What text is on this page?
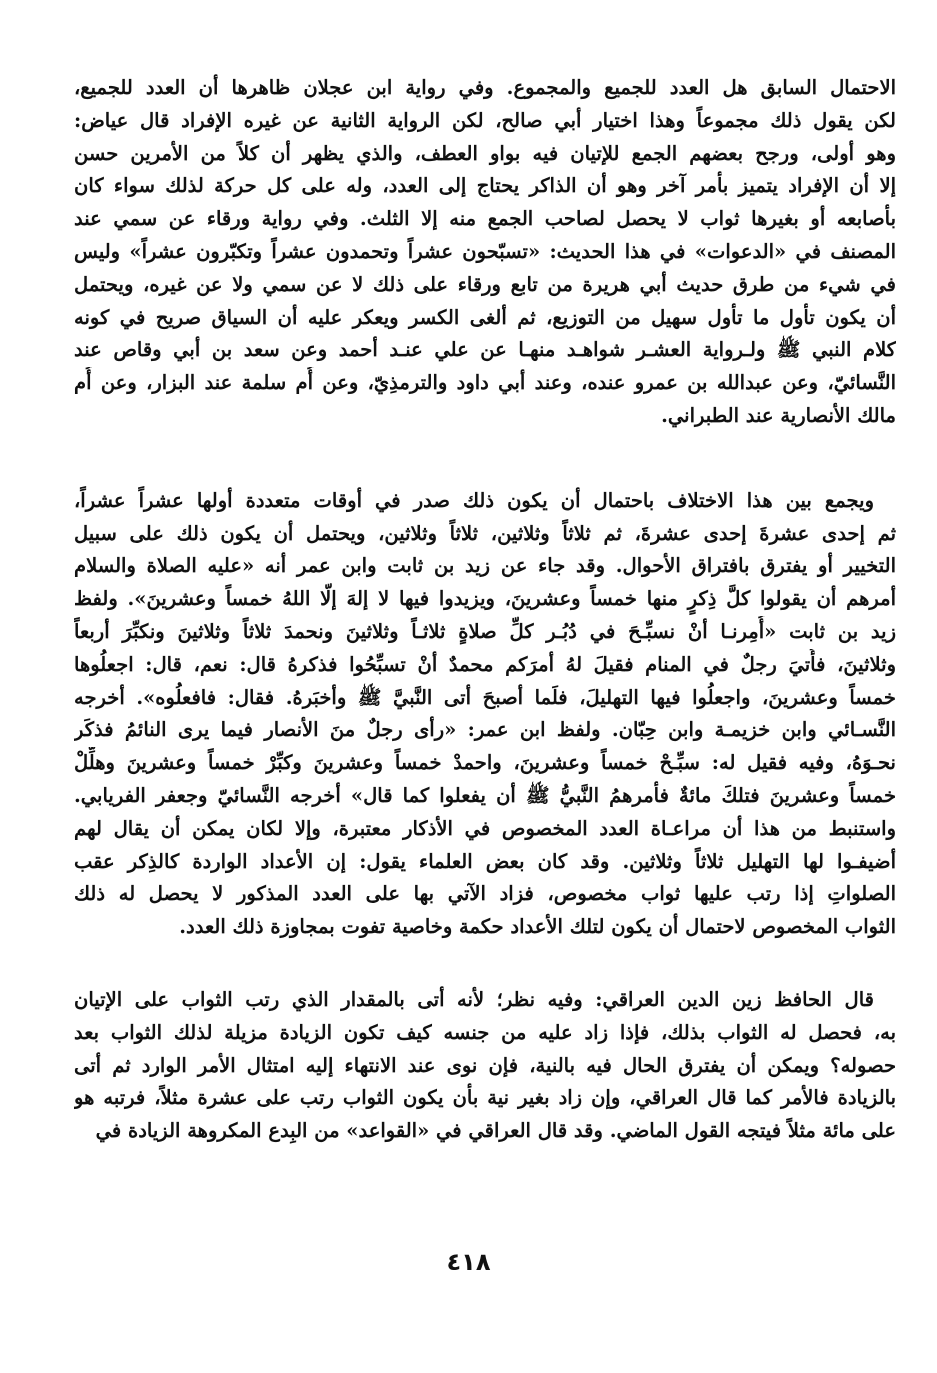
الاحتمال السابق هل العدد للجميع والمجموع. وفي رواية ابن عجلان ظاهرها أن العدد للجميع،
لكن يقول ذلك مجموعاً وهذا اختيار أبي صالح، لكن الرواية الثانية عن غيره الإفراد قال عياض:
وهو أولى، ورجح بعضهم الجمع للإتيان فيه بواو العطف، والذي يظهر أن كلاً من الأمرين حسن
إلا أن الإفراد يتميز بأمر آخر وهو أن الذاكر يحتاج إلى العدد، وله على كل حركة لذلك سواء كان
بأصابعه أو بغيرها ثواب لا يحصل لصاحب الجمع منه إلا الثلث. وفي رواية ورقاء عن سمي عند
المصنف في «الدعوات» في هذا الحديث: «تسبّحون عشراً وتحمدون عشراً وتكبّرون عشراً» وليس
في شيء من طرق حديث أبي هريرة من تابع ورقاء على ذلك لا عن سمي ولا عن غيره، ويحتمل
أن يكون تأول ما تأول سهيل من التوزيع، ثم ألغى الكسر ويعكر عليه أن السياق صريح في كونه
كلام النبي ﷺ ولـرواية العشـر شواهـد منهـا عن علي عنـد أحمد وعن سعد بن أبي وقاص عند
النَّسائيّ، وعن عبدالله بن عمرو عنده، وعند أبي داود والترمذِيّ، وعن أُم سلمة عند البزار، وعن أُم
مالك الأنصارية عند الطبراني.
ويجمع بين هذا الاختلاف باحتمال أن يكون ذلك صدر في أوقات متعددة أولها عشراً عشراً،
ثم إحدى عشرةَ إحدى عشرةَ، ثم ثلاثاً وثلاثين، ثلاثاً وثلاثين، ويحتمل أن يكون ذلك على سبيل
التخيير أو يفترق بافتراق الأحوال. وقد جاء عن زيد بن ثابت وابن عمر أنه «عليه الصلاة والسلام
أمرهم أن يقولوا كلَّ ذِكرٍ منها خمساً وعشرينَ، ويزيدوا فيها لا إلهَ إلّا اللهُ خمساً وعشرينَ». ولفظ
زيد بن ثابت «أُمِرنـا أنْ نسبِّـحَ في دُبُـر كلِّ صلاةٍ ثلاثـاً وثلاثينَ ونحمدَ ثلاثاً وثلاثينَ ونكبِّرَ أربعاً
وثلاثينَ، فأُتيَ رجلٌ في المنام فقيلَ لهُ أمرَكم محمدٌ أنْ تسبِّحُوا فذكرهُ قال: نعم، قال: اجعلُوها
خمساً وعشرينَ، واجعلُوا فيها التهليلَ، فلَما أصبحَ أتى النَّبيَّ ﷺ وأخبَرهُ. فقال: فافعلُوه». أخرجه
النَّسـائي وابن خزيمـة وابن حِبّان. ولفظ ابن عمر: «رأى رجلٌ منَ الأنصار فيما يرى النائمُ فذكَر
نحـوَهُ، وفيه فقيل له: سبِّـحْ خمساً وعشرينَ، واحمدْ خمساً وعشرينَ وكبِّرْ خمساً وعشرينَ وهلِّلْ
خمساً وعشرينَ فتلكَ مائةٌ فأمرهمُ النَّبيُّ ﷺ أن يفعلوا كما قال» أخرجه النَّسائيّ وجعفر الفريابي.
واستنبط من هذا أن مراعـاة العدد المخصوص في الأذكار معتبرة، وإلا لكان يمكن أن يقال لهم
أضيفـوا لها التهليل ثلاثاً وثلاثين. وقد كان بعض العلماء يقول: إن الأعداد الواردة كالذِكر عقب
الصلواتِ إذا رتب عليها ثواب مخصوص، فزاد الآتي بها على العدد المذكور لا يحصل له ذلك
الثواب المخصوص لاحتمال أن يكون لتلك الأعداد حكمة وخاصية تفوت بمجاوزة ذلك العدد.
قال الحافظ زين الدين العراقي: وفيه نظر؛ لأنه أتى بالمقدار الذي رتب الثواب على الإتيان
به، فحصل له الثواب بذلك، فإذا زاد عليه من جنسه كيف تكون الزيادة مزيلة لذلك الثواب بعد
حصوله؟ ويمكن أن يفترق الحال فيه بالنية، فإن نوى عند الانتهاء إليه امتثال الأمر الوارد ثم أتى
بالزيادة فالأمر كما قال العراقي، وإن زاد بغير نية بأن يكون الثواب رتب على عشرة مثلاً، فرتبه هو
على مائة مثلاً فيتجه القول الماضي. وقد قال العراقي في «القواعد» من البِدع المكروهة الزيادة في
٤١٨
